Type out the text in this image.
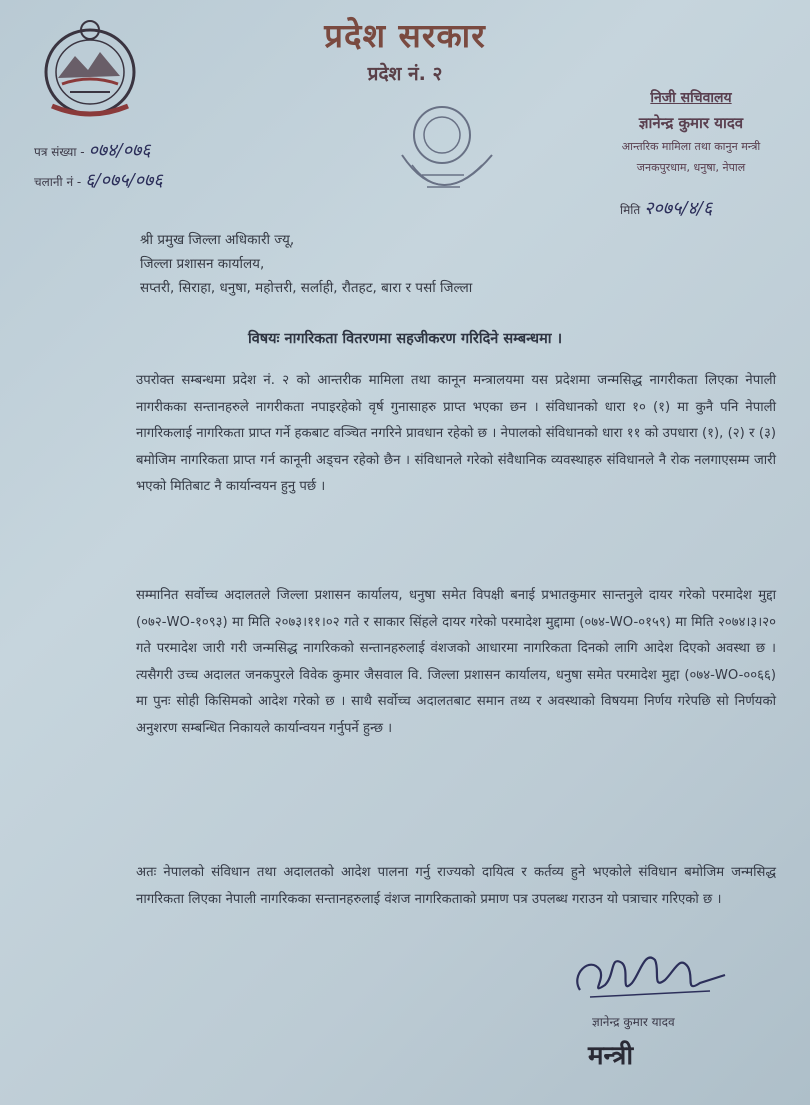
प्रदेश सरकार
प्रदेश नं. २
निजी सचिवालय
ज्ञानेन्द्र कुमार यादव
आन्तरिक मामिला तथा कानुन मन्त्री
जनकपुरधाम, धनुषा, नेपाल
पत्र संख्या - ०७४/०७६
चलानी नं - ६/०७५/०७६
मिति २०७५/४/६
श्री प्रमुख जिल्ला अधिकारी ज्यू,
जिल्ला प्रशासन कार्यालय,
सप्तरी, सिराहा, धनुषा, महोत्तरी, सर्लाही, रौतहट, बारा र पर्सा जिल्ला
विषयः नागरिकता वितरणमा सहजीकरण गरिदिने सम्बन्धमा ।
उपरोक्त सम्बन्धमा प्रदेश नं. २ को आन्तरीक मामिला तथा कानून मन्त्रालयमा यस प्रदेशमा जन्मसिद्ध नागरीकता लिएका नेपाली नागरीकका सन्तानहरुले नागरीकता नपाइरहेको वृर्ष गुनासाहरु प्राप्त भएका छन । संविधानको धारा १० (१) मा कुनै पनि नेपाली नागरिकलाई नागरिकता प्राप्त गर्ने हकबाट वञ्चित नगरिने प्रावधान रहेको छ । नेपालको संविधानको धारा ११ को उपधारा (१), (२) र (३) बमोजिम नागरिकता प्राप्त गर्न कानूनी अड्चन रहेको छैन । संविधानले गरेको संवैधानिक व्यवस्थाहरु संविधानले नै रोक नलगाएसम्म जारी भएको मितिबाट नै कार्यान्वयन हुनु पर्छ ।
सम्मानित सर्वोच्च अदालतले जिल्ला प्रशासन कार्यालय, धनुषा समेत विपक्षी बनाई प्रभातकुमार सान्तनुले दायर गरेको परमादेश मुद्दा (०७२-WO-१०९३) मा मिति २०७३।११।०२ गते र साकार सिंहले दायर गरेको परमादेश मुद्दामा (०७४-WO-०१५९) मा मिति २०७४।३।२० गते परमादेश जारी गरी जन्मसिद्ध नागरिकको सन्तानहरुलाई वंशजको आधारमा नागरिकता दिनको लागि आदेश दिएको अवस्था छ । त्यसैगरी उच्च अदालत जनकपुरले विवेक कुमार जैसवाल वि. जिल्ला प्रशासन कार्यालय, धनुषा समेत परमादेश मुद्दा (०७४-WO-००६६) मा पुनः सोही किसिमको आदेश गरेको छ । साथै सर्वोच्च अदालतबाट समान तथ्य र अवस्थाको विषयमा निर्णय गरेपछि सो निर्णयको अनुशरण सम्बन्धित निकायले कार्यान्वयन गर्नुपर्ने हुन्छ ।
अतः नेपालको संविधान तथा अदालतको आदेश पालना गर्नु राज्यको दायित्व र कर्तव्य हुने भएकोले संविधान बमोजिम जन्मसिद्ध नागरिकता लिएका नेपाली नागरिकका सन्तानहरुलाई वंशज नागरिकताको प्रमाण पत्र उपलब्ध गराउन यो पत्राचार गरिएको छ ।
ज्ञानेन्द्र कुमार यादव
मन्त्री
